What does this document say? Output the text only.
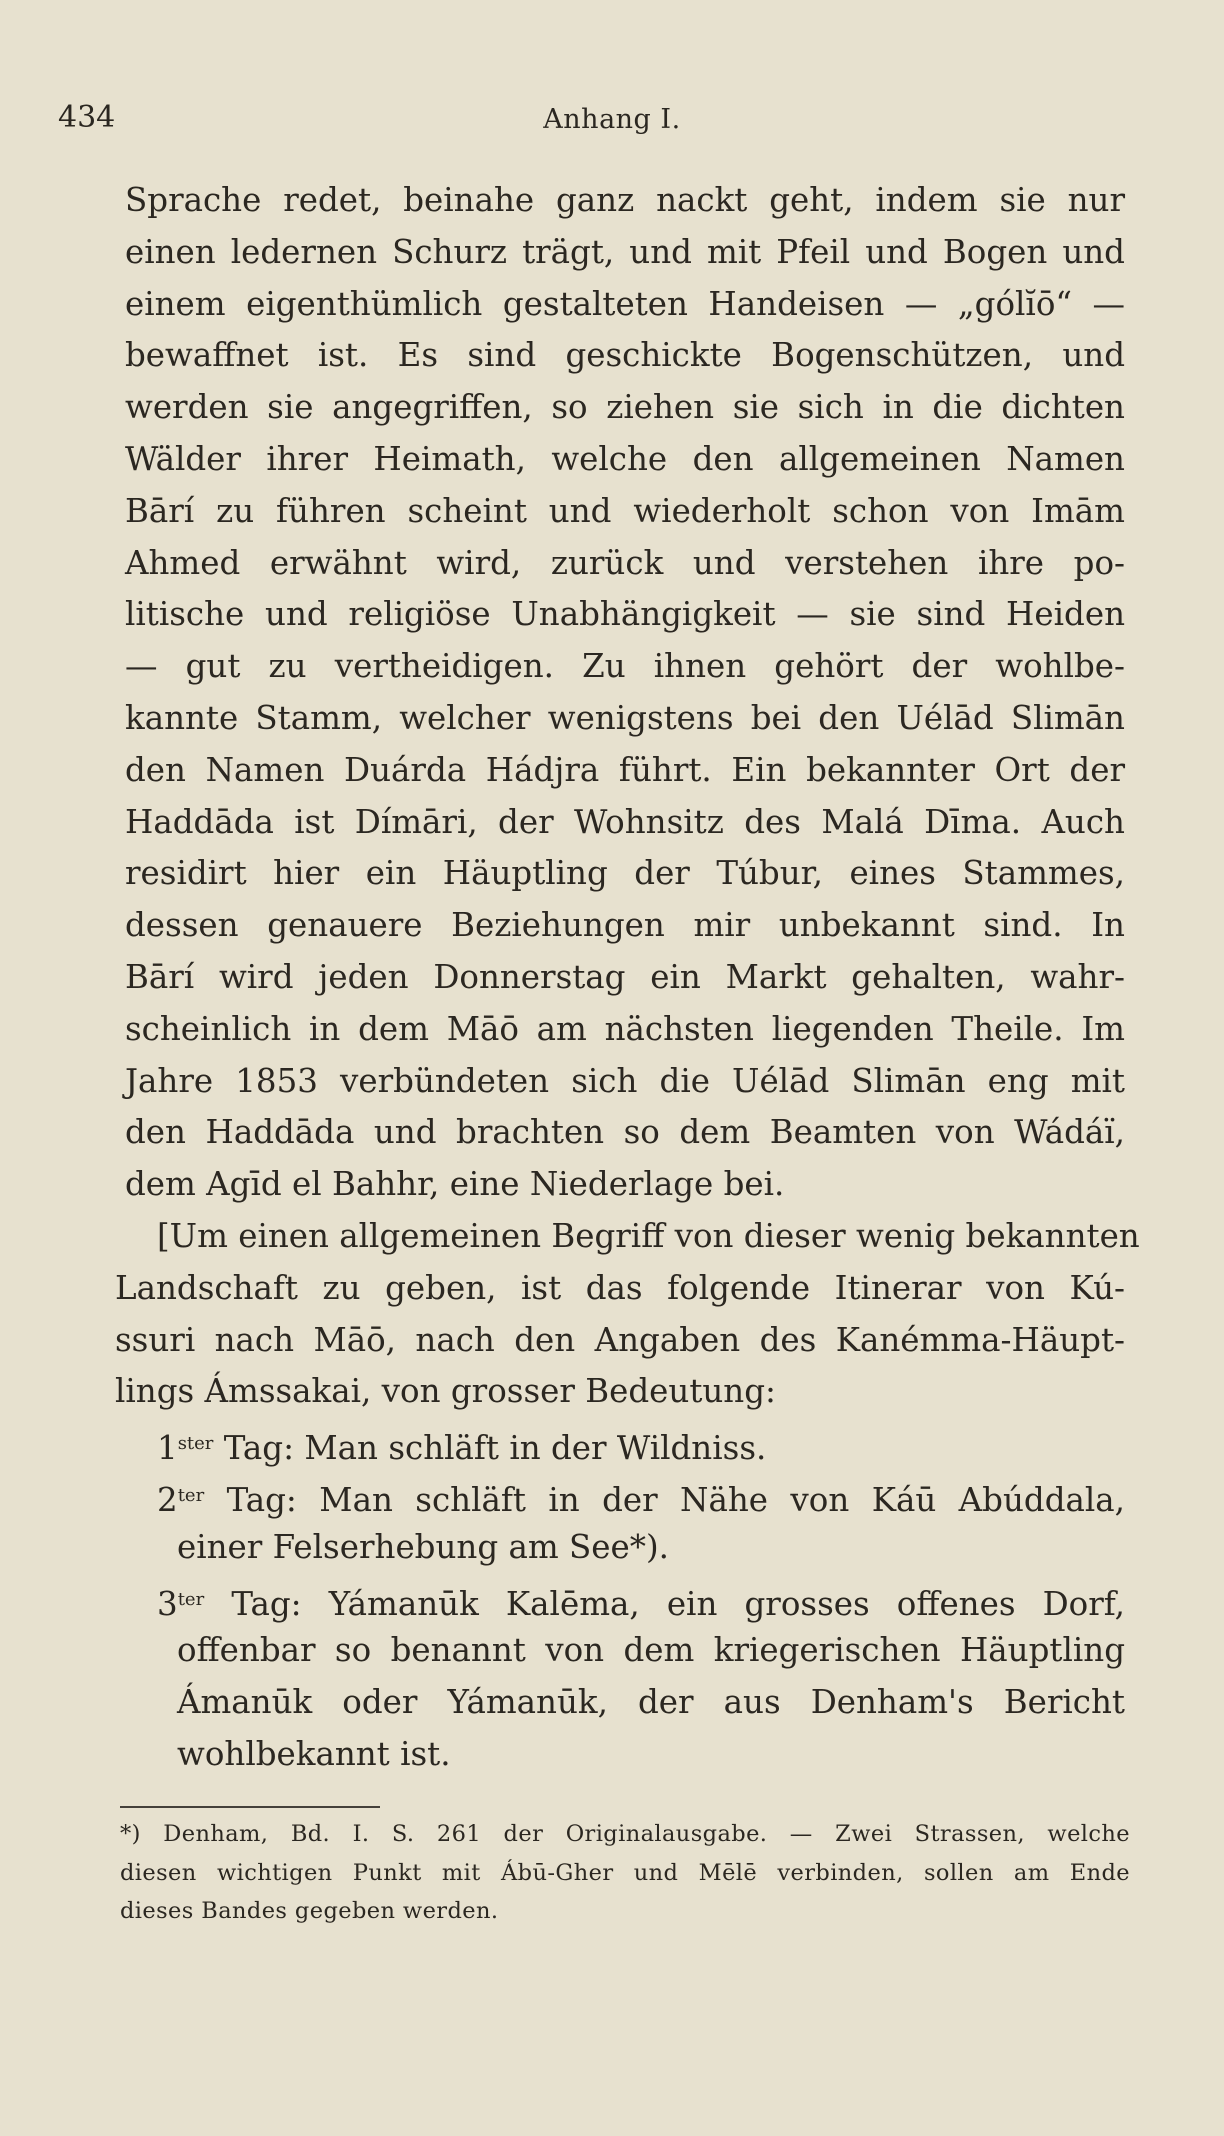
434	Anhang I.
Sprache redet, beinahe ganz nackt geht, indem sie nur
einen ledernen Schurz trägt, und mit Pfeil und Bogen und
einem eigenthümlich gestalteten Handeisen — „gólĭō“ —
bewaffnet ist. Es sind geschickte Bogenschützen, und
werden sie angegriffen, so ziehen sie sich in die dichten
Wälder ihrer Heimath, welche den allgemeinen Namen
Bārí zu führen scheint und wiederholt schon von Imām
Ahmed erwähnt wird, zurück und verstehen ihre po-
litische und religiöse Unabhängigkeit — sie sind Heiden
— gut zu vertheidigen. Zu ihnen gehört der wohlbe-
kannte Stamm, welcher wenigstens bei den Uélād Slimān
den Namen Duárda Hádjra führt. Ein bekannter Ort der
Haddāda ist Dímāri, der Wohnsitz des Malá Dīma. Auch
residirt hier ein Häuptling der Túbur, eines Stammes,
dessen genauere Beziehungen mir unbekannt sind. In
Bārí wird jeden Donnerstag ein Markt gehalten, wahr-
scheinlich in dem Māō am nächsten liegenden Theile. Im
Jahre 1853 verbündeten sich die Uélād Slimān eng mit
den Haddāda und brachten so dem Beamten von Wádáï,
dem Agīd el Bahhr, eine Niederlage bei.
[Um einen allgemeinen Begriff von dieser wenig bekannten
Landschaft zu geben, ist das folgende Itinerar von Kú-
ssuri nach Māō, nach den Angaben des Kanémma-Häupt-
lings Ámssakai, von grosser Bedeutung:
$1^{ster}$ Tag: Man schläft in der Wildniss.
$2^{ter}$ Tag: Man schläft in der Nähe von Káū Abúddala,
einer Felserhebung am See*).
$3^{ter}$ Tag: Yámanūk Kalēma, ein grosses offenes Dorf,
offenbar so benannt von dem kriegerischen Häuptling
Ámanūk oder Yámanūk, der aus Denham's Bericht
wohlbekannt ist.
*) Denham, Bd. I. S. 261 der Originalausgabe. — Zwei Strassen, welche
diesen wichtigen Punkt mit Ábū-Gher und Mēlē verbinden, sollen am Ende
dieses Bandes gegeben werden.
